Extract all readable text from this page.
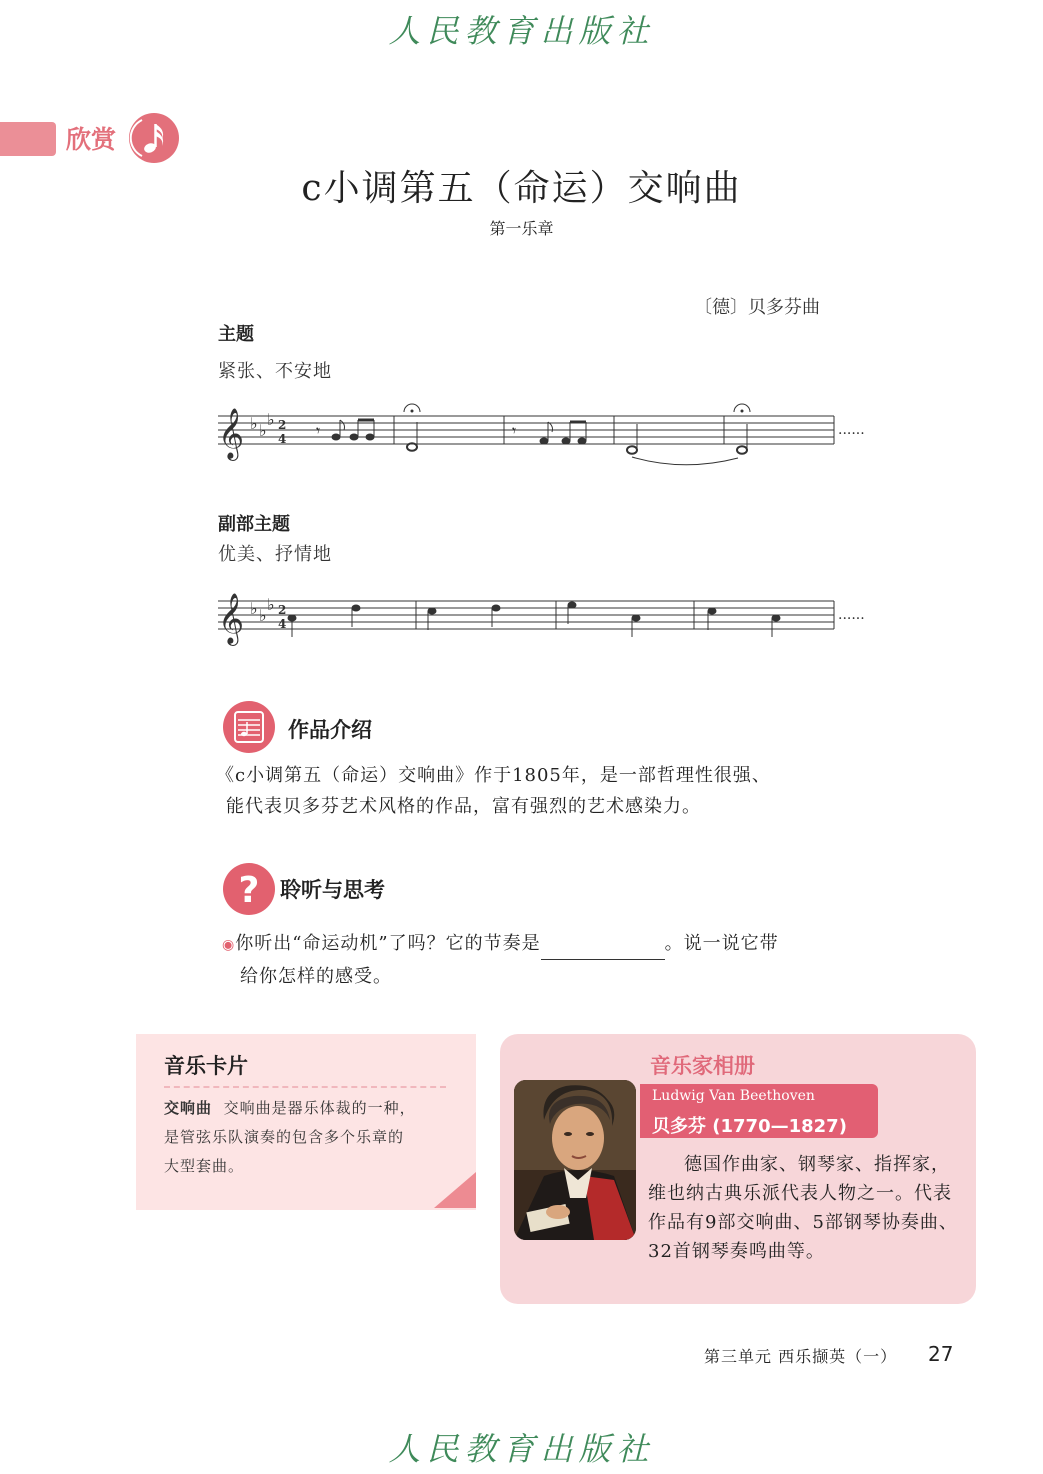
人民教育出版社
欣赏
c小调第五（命运）交响曲
第一乐章
〔德〕贝多芬曲
主题
紧张、不安地
𝄞 ♭ ♭
♭ 2
4 𝄾	𝄾	......
副部主题
优美、抒情地
𝄞 ♭ ♭
♭ 2
4
......
作品介绍
《c小调第五（命运）交响曲》作于1805年，是一部哲理性很强、
能代表贝多芬艺术风格的作品，富有强烈的艺术感染力。
? 聆听与思考
◉你听出“命运动机”了吗？它的节奏是	。说一说它带
给你怎样的感受。
音乐卡片
交响曲 交响曲是器乐体裁的一种，
是管弦乐队演奏的包含多个乐章的
大型套曲。
音乐家相册
Ludwig Van Beethoven
贝多芬 (1770—1827)
德国作曲家、钢琴家、指挥家，维也纳古典乐派代表人物之一。代表作品有9部交响曲、5部钢琴协奏曲、32首钢琴奏鸣曲等。
第三单元 西乐撷英（一） 27
人民教育出版社
